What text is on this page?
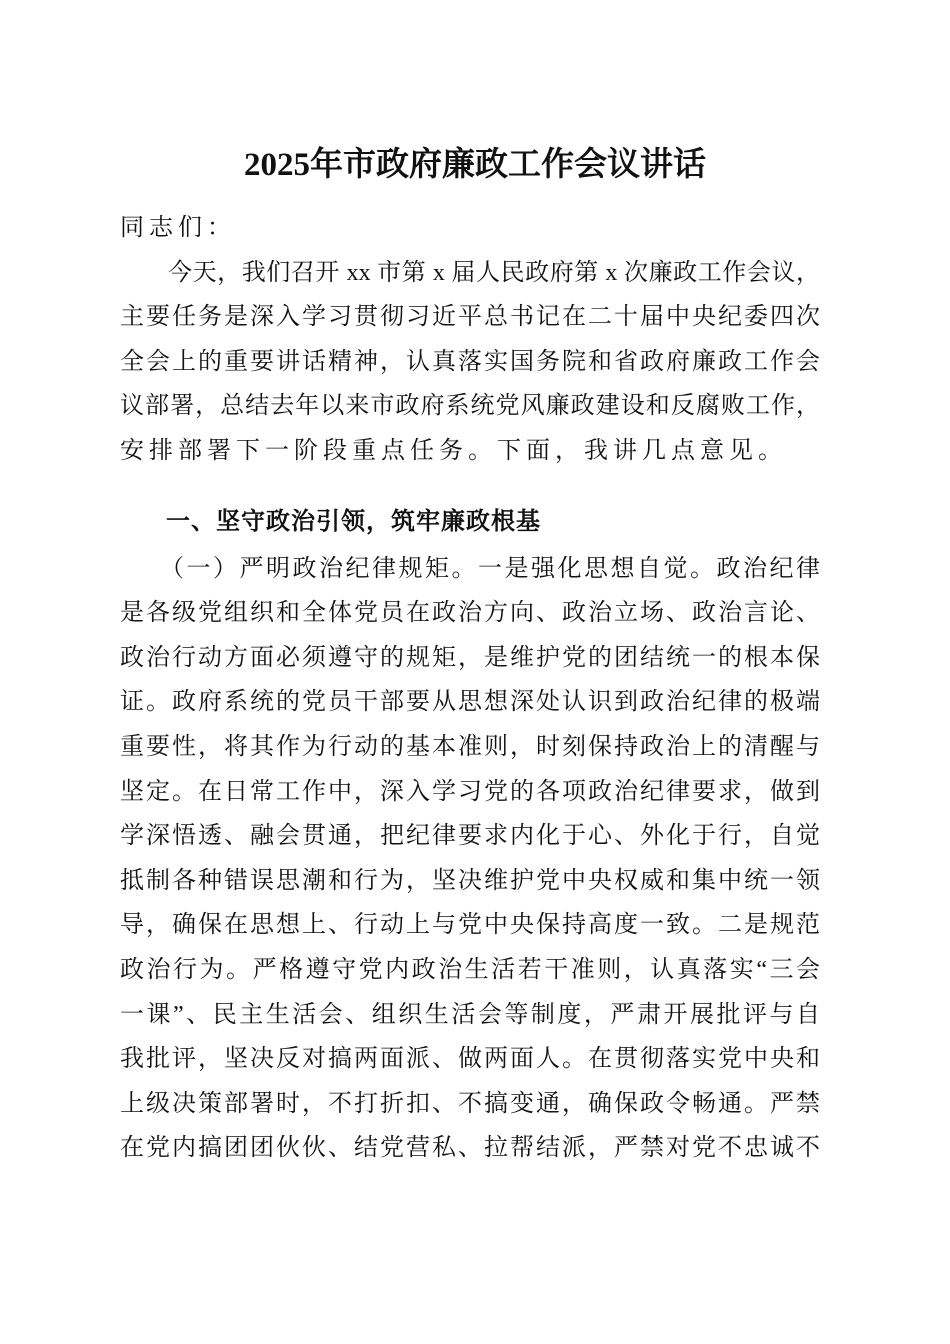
2025年市政府廉政工作会议讲话
同志们：
今天，我们召开 xx 市第 x 届人民政府第 x 次廉政工作会议，
主要任务是深入学习贯彻习近平总书记在二十届中央纪委四次
全会上的重要讲话精神，认真落实国务院和省政府廉政工作会
议部署，总结去年以来市政府系统党风廉政建设和反腐败工作，
安排部署下一阶段重点任务。下面，我讲几点意见。
一、坚守政治引领，筑牢廉政根基
（一）严明政治纪律规矩。一是强化思想自觉。政治纪律
是各级党组织和全体党员在政治方向、政治立场、政治言论、
政治行动方面必须遵守的规矩，是维护党的团结统一的根本保
证。政府系统的党员干部要从思想深处认识到政治纪律的极端
重要性，将其作为行动的基本准则，时刻保持政治上的清醒与
坚定。在日常工作中，深入学习党的各项政治纪律要求，做到
学深悟透、融会贯通，把纪律要求内化于心、外化于行，自觉
抵制各种错误思潮和行为，坚决维护党中央权威和集中统一领
导，确保在思想上、行动上与党中央保持高度一致。二是规范
政治行为。严格遵守党内政治生活若干准则，认真落实“三会
一课”、民主生活会、组织生活会等制度，严肃开展批评与自
我批评，坚决反对搞两面派、做两面人。在贯彻落实党中央和
上级决策部署时，不打折扣、不搞变通，确保政令畅通。严禁
在党内搞团团伙伙、结党营私、拉帮结派，严禁对党不忠诚不
